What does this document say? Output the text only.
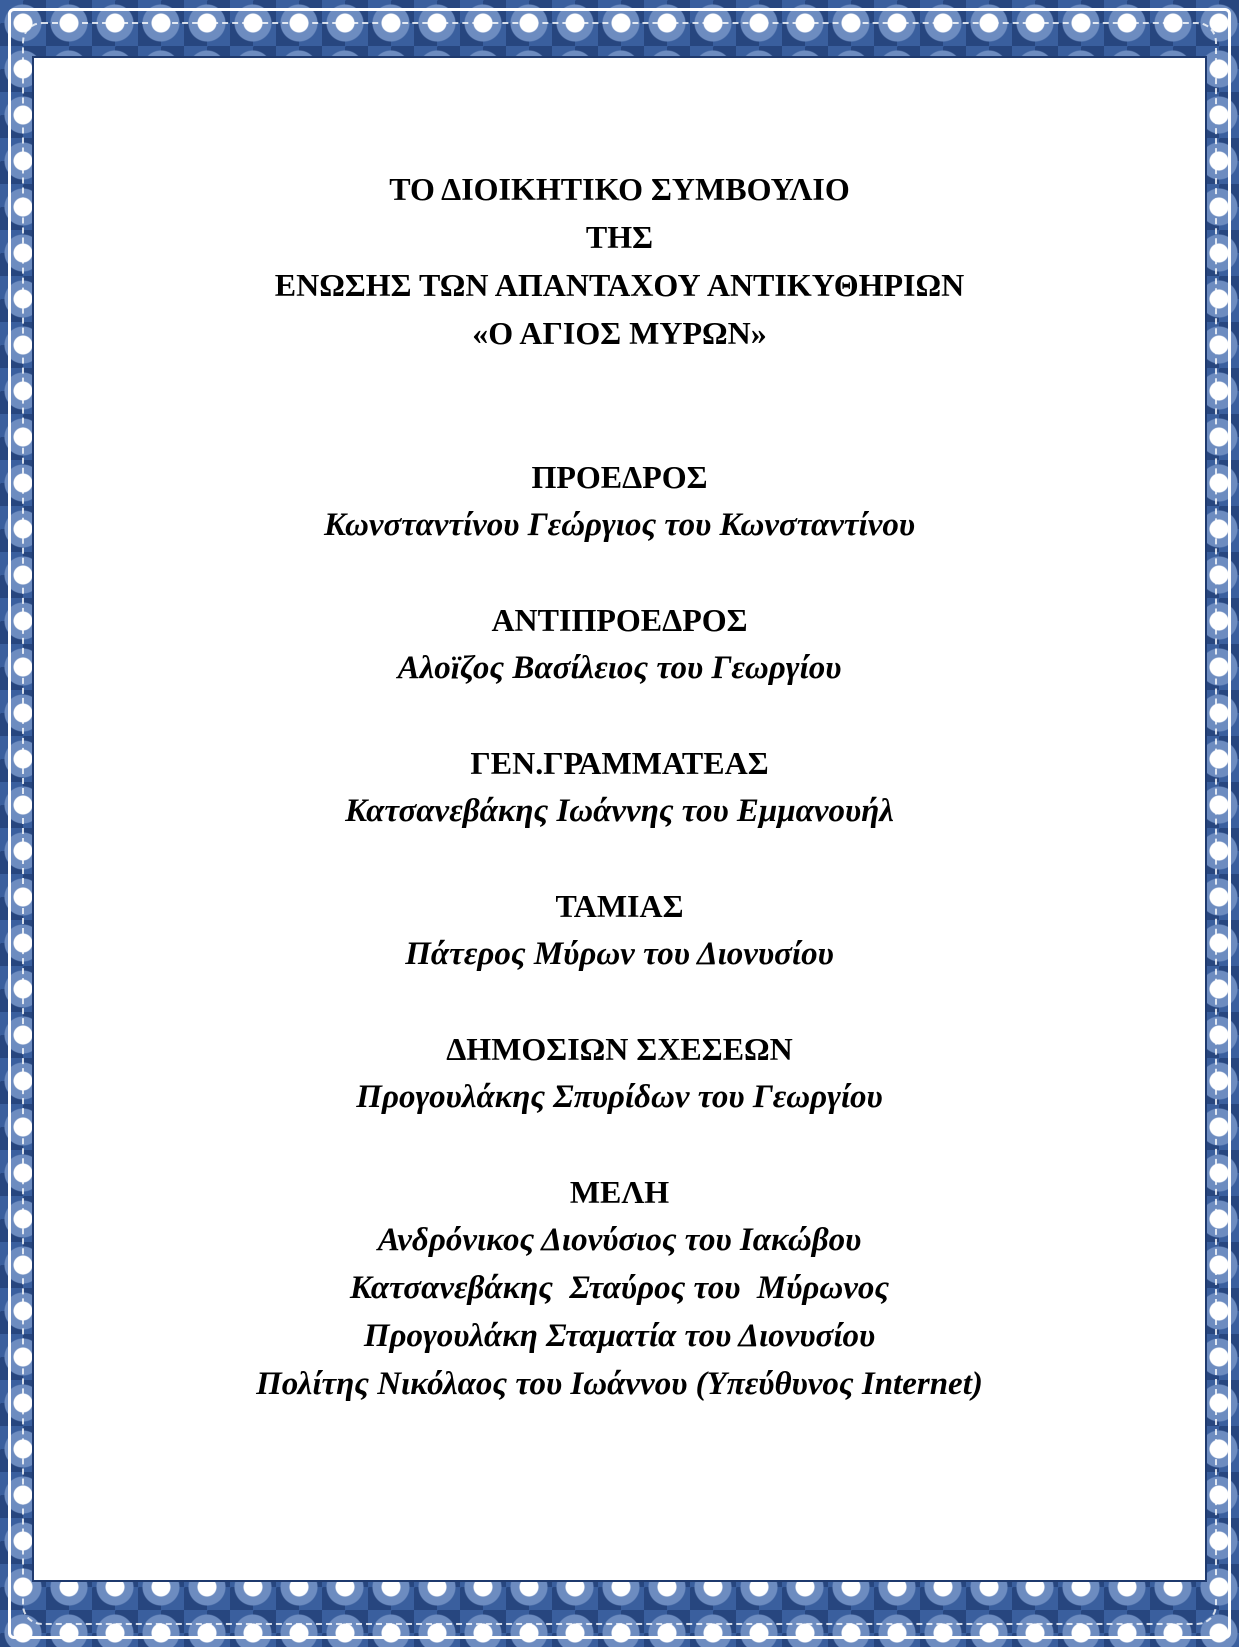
ΤΟ ΔΙΟΙΚΗΤΙΚΟ ΣΥΜΒΟΥΛΙΟ

ΤΗΣ

ΕΝΩΣΗΣ ΤΩΝ ΑΠΑΝΤΑΧΟΥ ΑΝΤΙΚΥΘΗΡΙΩΝ

«Ο ΑΓΙΟΣ ΜΥΡΩΝ»

ΠΡΟΕΔΡΟΣ

Κωνσταντίνου Γεώργιος του Κωνσταντίνου

ΑΝΤΙΠΡΟΕΔΡΟΣ

Αλοϊζος Βασίλειος του Γεωργίου

ΓΕΝ.ΓΡΑΜΜΑΤΕΑΣ

Κατσανεβάκης Ιωάννης του Εμμανουήλ

ΤΑΜΙΑΣ

Πάτερος Μύρων του Διονυσίου

ΔΗΜΟΣΙΩΝ ΣΧΕΣΕΩΝ

Προγουλάκης Σπυρίδων του Γεωργίου

ΜΕΛΗ

Ανδρόνικος Διονύσιος του Ιακώβου

Κατσανεβάκης  Σταύρος του  Μύρωνος

Προγουλάκη Σταματία του Διονυσίου

Πολίτης Νικόλαος του Ιωάννου (Υπεύθυνος Internet)
